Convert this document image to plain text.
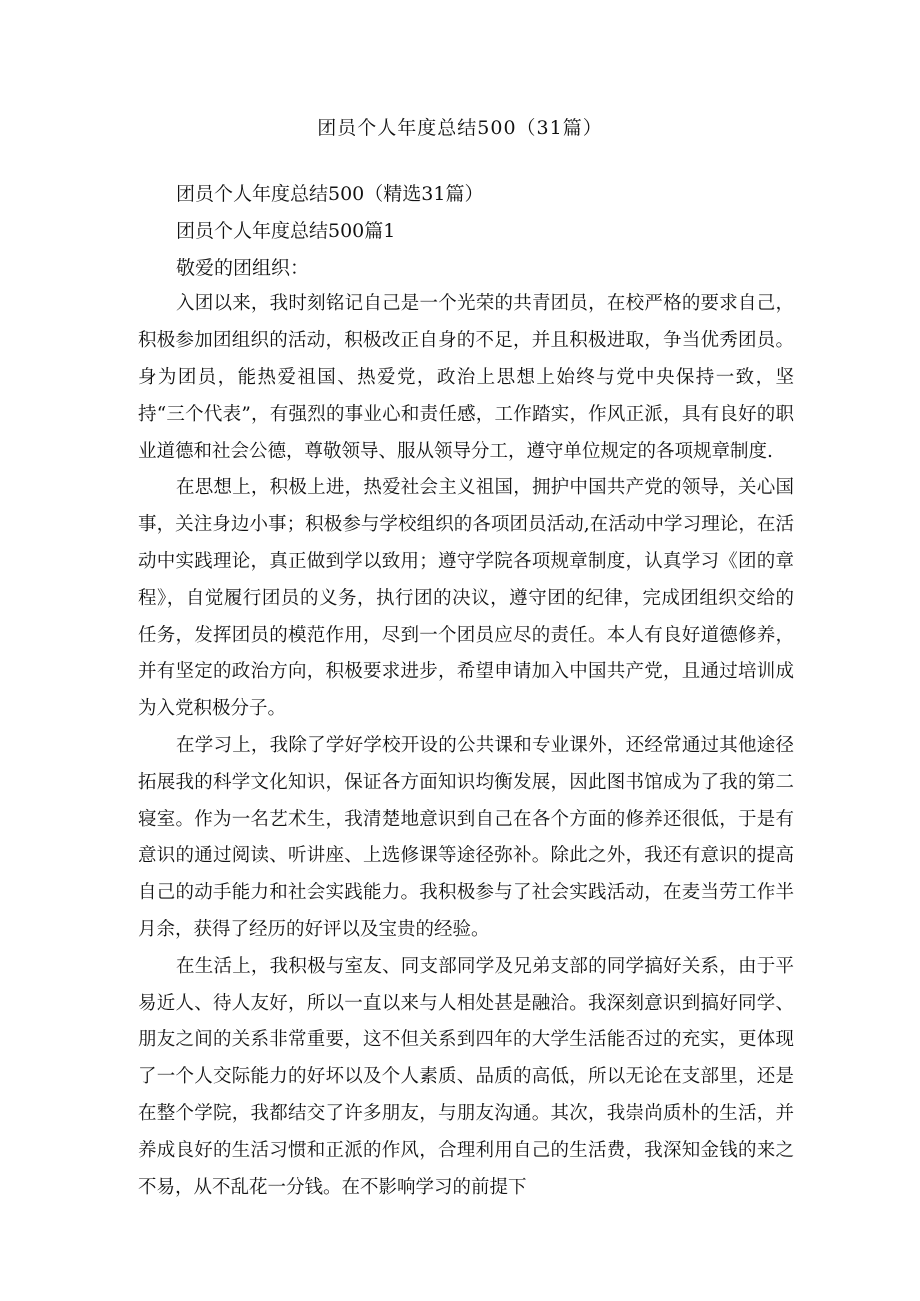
团员个人年度总结500（31篇）

团员个人年度总结500（精选31篇）

团员个人年度总结500篇1

敬爱的团组织：

入团以来，我时刻铭记自己是一个光荣的共青团员，在校严格的要求自己，积极参加团组织的活动，积极改正自身的不足，并且积极进取，争当优秀团员。身为团员，能热爱祖国、热爱党，政治上思想上始终与党中央保持一致，坚持“三个代表”，有强烈的事业心和责任感，工作踏实，作风正派，具有良好的职业道德和社会公德，尊敬领导、服从领导分工，遵守单位规定的各项规章制度.

在思想上，积极上进，热爱社会主义祖国，拥护中国共产党的领导，关心国事，关注身边小事；积极参与学校组织的各项团员活动,在活动中学习理论，在活动中实践理论，真正做到学以致用；遵守学院各项规章制度，认真学习《团的章程》，自觉履行团员的义务，执行团的决议，遵守团的纪律，完成团组织交给的任务，发挥团员的模范作用，尽到一个团员应尽的责任。本人有良好道德修养，并有坚定的政治方向，积极要求进步，希望申请加入中国共产党，且通过培训成为入党积极分子。

在学习上，我除了学好学校开设的公共课和专业课外，还经常通过其他途径拓展我的科学文化知识，保证各方面知识均衡发展，因此图书馆成为了我的第二寝室。作为一名艺术生，我清楚地意识到自己在各个方面的修养还很低，于是有意识的通过阅读、听讲座、上选修课等途径弥补。除此之外，我还有意识的提高自己的动手能力和社会实践能力。我积极参与了社会实践活动，在麦当劳工作半月余，获得了经历的好评以及宝贵的经验。

在生活上，我积极与室友、同支部同学及兄弟支部的同学搞好关系，由于平易近人、待人友好，所以一直以来与人相处甚是融洽。我深刻意识到搞好同学、朋友之间的关系非常重要，这不但关系到四年的大学生活能否过的充实，更体现了一个人交际能力的好坏以及个人素质、品质的高低，所以无论在支部里，还是在整个学院，我都结交了许多朋友，与朋友沟通。其次，我崇尚质朴的生活，并养成良好的生活习惯和正派的作风，合理利用自己的生活费，我深知金钱的来之不易，从不乱花一分钱。在不影响学习的前提下
